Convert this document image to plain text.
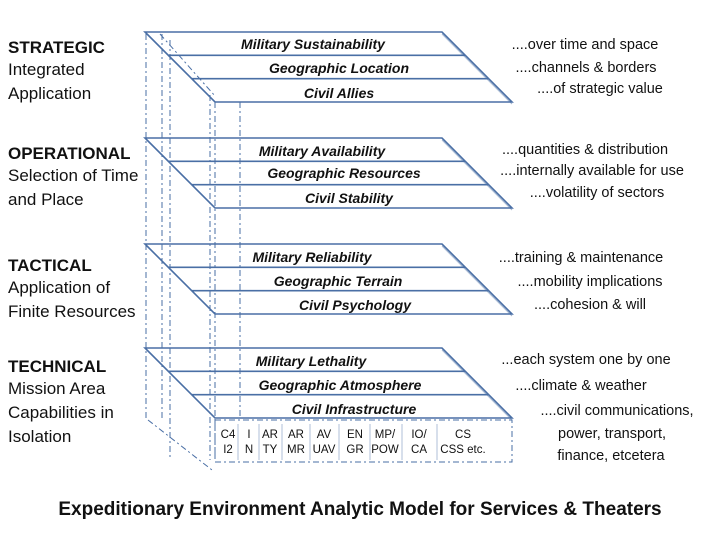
STRATEGIC
Integrated
Application
OPERATIONAL
Selection of Time
and Place
TACTICAL
Application of
Finite Resources
TECHNICAL
Mission Area
Capabilities in
Isolation
Military Sustainability
Geographic Location
Civil Allies
Military Availability
Geographic Resources
Civil Stability
Military Reliability
Geographic Terrain
Civil Psychology
Military Lethality
Geographic Atmosphere
Civil Infrastructure
....over time and space
....channels & borders
....of strategic value
....quantities & distribution
....internally available for use
....volatility of sectors
....training & maintenance
....mobility implications
....cohesion & will
...each system one by one
....climate & weather
....civil communications,
power, transport,
finance, etcetera
C4
I2
I
N
AR
TY
AR
MR
AV
UAV
EN
GR
MP/
POW
IO/
CA
CS
CSS etc.
Expeditionary Environment Analytic Model for Services & Theaters
